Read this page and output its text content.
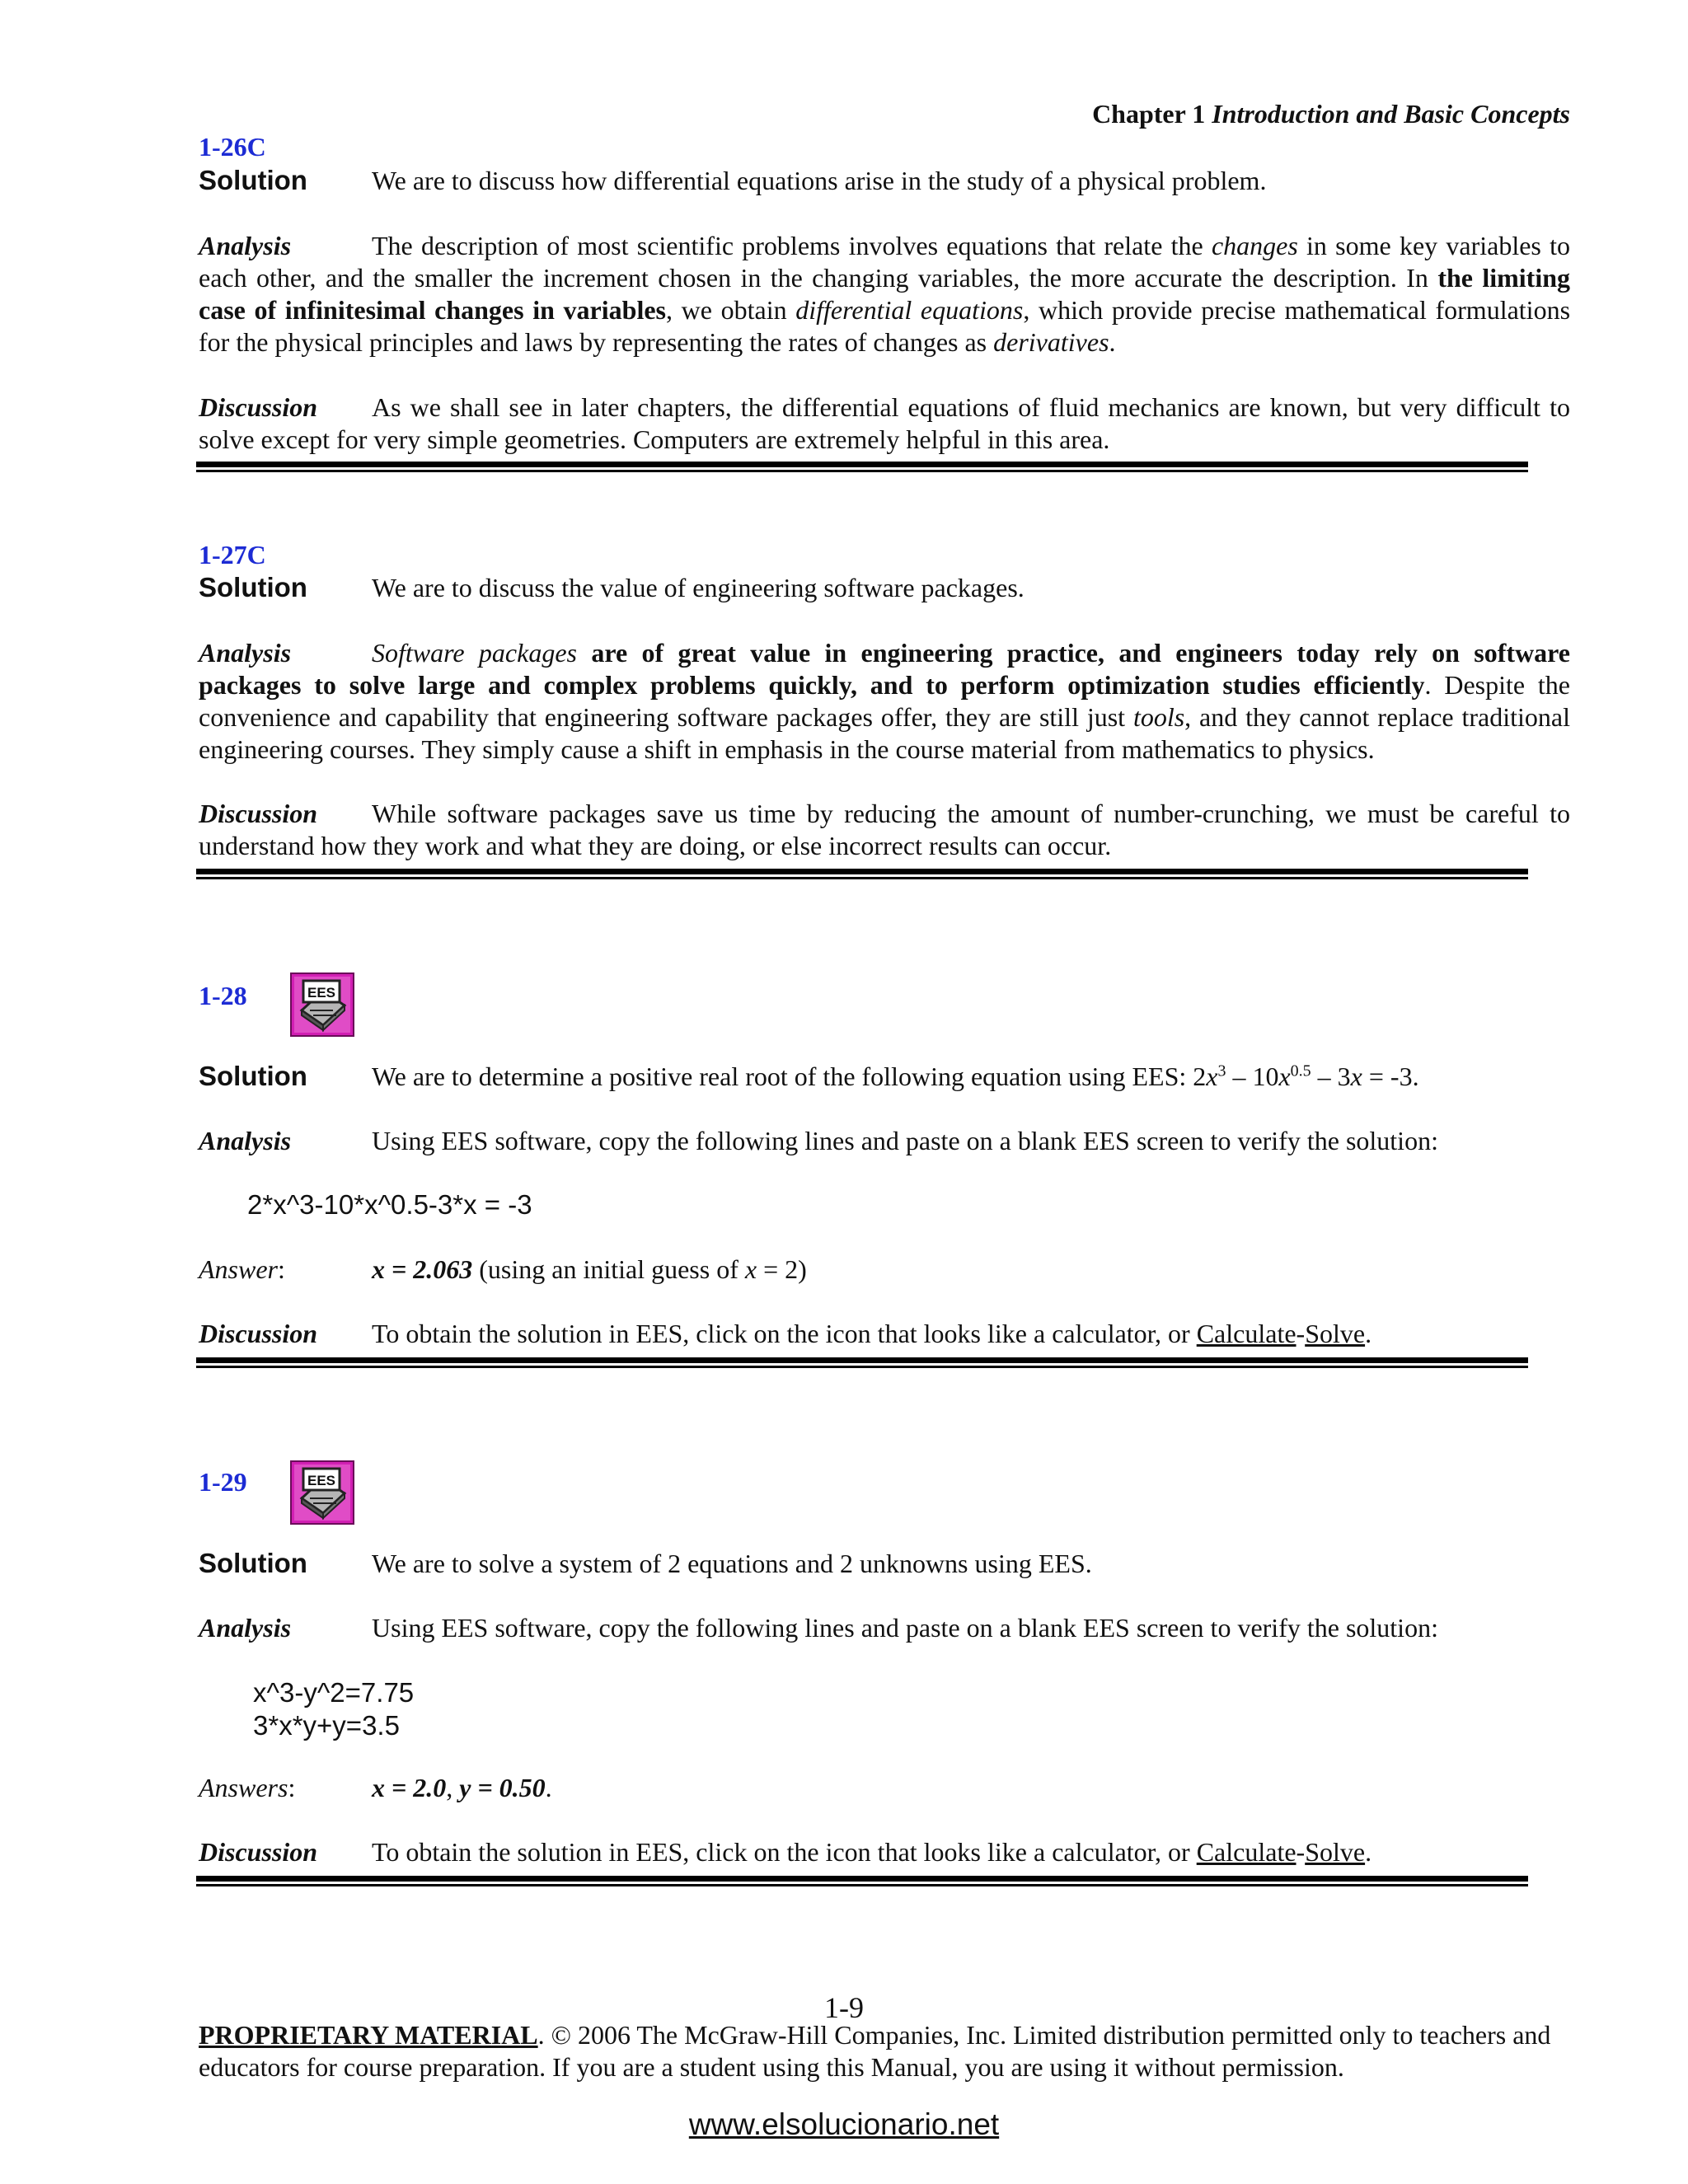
Chapter 1 Introduction and Basic Concepts
1-26C
Solution We are to discuss how differential equations arise in the study of a physical problem.
Analysis	The description of most scientific problems involves equations that relate the changes in some key variables to each other, and the smaller the increment chosen in the changing variables, the more accurate the description. In the limiting case of infinitesimal changes in variables, we obtain differential equations, which provide precise mathematical formulations for the physical principles and laws by representing the rates of changes as derivatives.
Discussion As we shall see in later chapters, the differential equations of fluid mechanics are known, but very difficult to solve except for very simple geometries. Computers are extremely helpful in this area.
1-27C
Solution We are to discuss the value of engineering software packages.
Analysis	Software packages are of great value in engineering practice, and engineers today rely on software packages to solve large and complex problems quickly, and to perform optimization studies efficiently. Despite the convenience and capability that engineering software packages offer, they are still just tools, and they cannot replace traditional engineering courses. They simply cause a shift in emphasis in the course material from mathematics to physics.
Discussion While software packages save us time by reducing the amount of number-crunching, we must be careful to understand how they work and what they are doing, or else incorrect results can occur.
1-28	EES
Solution We are to determine a positive real root of the following equation using EES: $2x^3 - 10x^{0.5} - 3x = -3$.
Analysis	Using EES software, copy the following lines and paste on a blank EES screen to verify the solution:
2*x^3-10*x^0.5-3*x = -3
Answer:	x = 2.063 (using an initial guess of x = 2)
Discussion To obtain the solution in EES, click on the icon that looks like a calculator, or Calculate-Solve.
1-29	EES
Solution We are to solve a system of 2 equations and 2 unknowns using EES.
Analysis	Using EES software, copy the following lines and paste on a blank EES screen to verify the solution:
x^3-y^2=7.75
3*x*y+y=3.5
Answers:	x = 2.0, y = 0.50.
Discussion To obtain the solution in EES, click on the icon that looks like a calculator, or Calculate-Solve.
1-9
PROPRIETARY MATERIAL. © 2006 The McGraw-Hill Companies, Inc. Limited distribution permitted only to teachers and educators for course preparation. If you are a student using this Manual, you are using it without permission.
www.elsolucionario.net
